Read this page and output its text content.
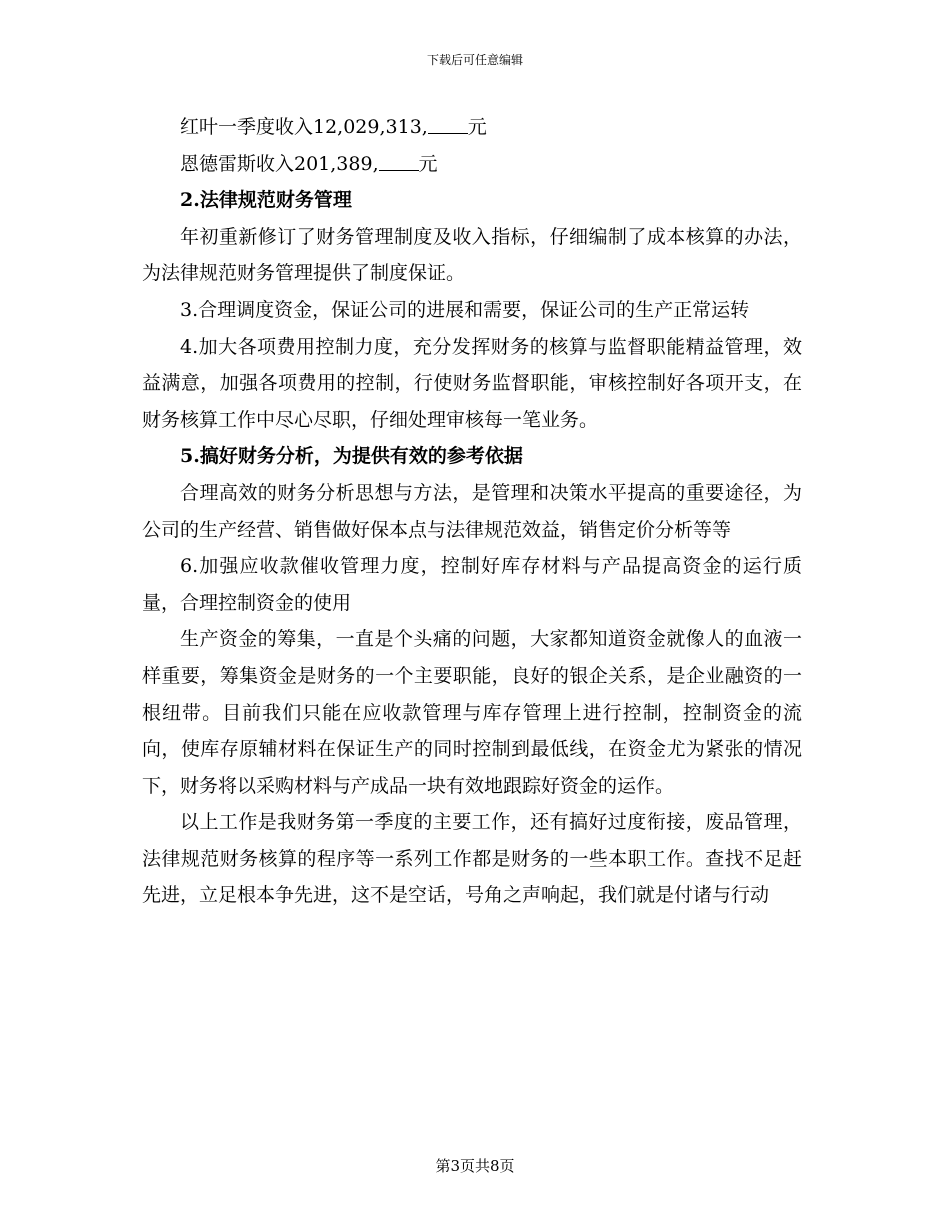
下载后可任意编辑

红叶一季度收入12,029,313, 元

恩德雷斯收入201,389, 元

2.法律规范财务管理

年初重新修订了财务管理制度及收入指标，仔细编制了成本核算的办法，为法律规范财务管理提供了制度保证。

3.合理调度资金，保证公司的进展和需要，保证公司的生产正常运转

4.加大各项费用控制力度，充分发挥财务的核算与监督职能精益管理，效益满意，加强各项费用的控制，行使财务监督职能，审核控制好各项开支，在财务核算工作中尽心尽职，仔细处理审核每一笔业务。

5.搞好财务分析，为提供有效的参考依据

合理高效的财务分析思想与方法，是管理和决策水平提高的重要途径，为公司的生产经营、销售做好保本点与法律规范效益，销售定价分析等等

6.加强应收款催收管理力度，控制好库存材料与产品提高资金的运行质量，合理控制资金的使用

生产资金的筹集，一直是个头痛的问题，大家都知道资金就像人的血液一样重要，筹集资金是财务的一个主要职能，良好的银企关系，是企业融资的一根纽带。目前我们只能在应收款管理与库存管理上进行控制，控制资金的流向，使库存原辅材料在保证生产的同时控制到最低线，在资金尤为紧张的情况下，财务将以采购材料与产成品一块有效地跟踪好资金的运作。

以上工作是我财务第一季度的主要工作，还有搞好过度衔接，废品管理，法律规范财务核算的程序等一系列工作都是财务的一些本职工作。查找不足赶先进，立足根本争先进，这不是空话，号角之声响起，我们就是付诸与行动

第3页共8页
